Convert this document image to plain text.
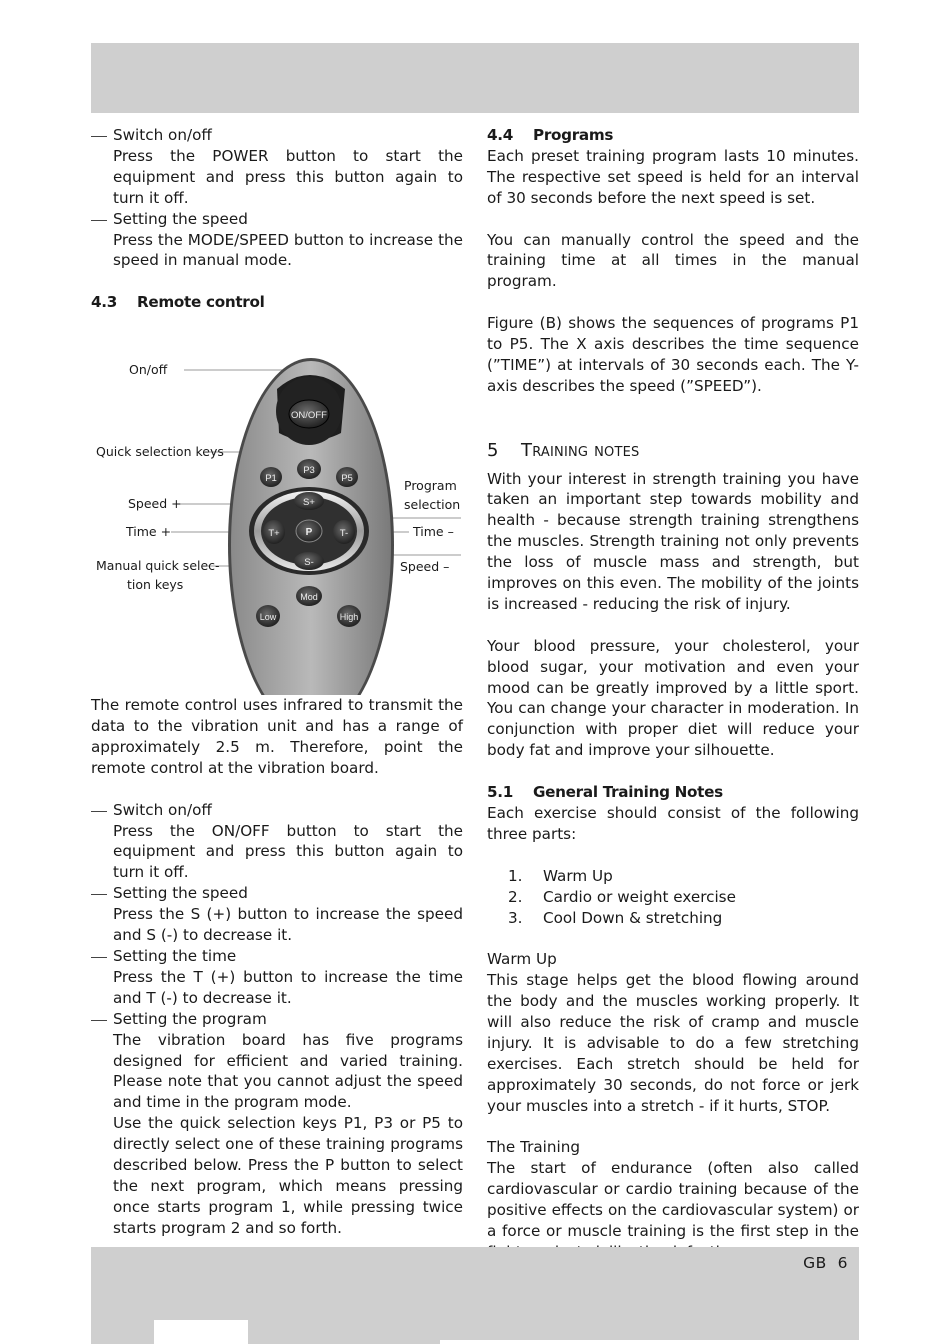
Switch on/off

Press the POWER button to start the equipment and press this button again to turn it off.

Setting the speed

Press the MODE/SPEED button to increase the speed in manual mode.

4.3 Remote control
ON/OFF
P1
P3
P5
S+
T+	P	T-
S-
Mod
Low	High
On/off
Quick selection keys
Speed +
Time +
Manual quick selec-
tion keys
Program
selection
Time –
Speed –

The remote control uses infrared to transmit the data to the vibration unit and has a range of approximately 2.5 m. Therefore, point the remote control at the vibration board.

Switch on/off

Press the ON/OFF button to start the equipment and press this button again to turn it off.

Setting the speed

Press the S (+) button to increase the speed and S (-) to decrease it.

Setting the time

Press the T (+) button to increase the time and T (-) to decrease it.

Setting the program

The vibration board has five programs designed for efficient and varied training. Please note that you cannot adjust the speed and time in the program mode.

Use the quick selection keys P1, P3 or P5 to directly select one of these training programs described below. Press the P button to select the next program, which means pressing once starts program 1, while pressing twice starts program 2 and so forth.

4.4 Programs

Each preset training program lasts 10 minutes. The respective set speed is held for an interval of 30 seconds before the next speed is set.

You can manually control the speed and the training time at all times in the manual program.

Figure (B) shows the sequences of programs P1 to P5. The X axis describes the time sequence (”TIME”) at intervals of 30 seconds each. The Y-axis describes the speed (”SPEED”).

5 Training notes

With your interest in strength training you have taken an important step towards mobility and health - because strength training strengthens the muscles. Strength training not only prevents the loss of muscle mass and strength, but improves on this even. The mobility of the joints is increased - reducing the risk of injury.

Your blood pressure, your cholesterol, your blood sugar, your motivation and even your mood can be greatly improved by a little sport. You can change your character in moderation. In conjunction with proper diet will reduce your body fat and improve your silhouette.

5.1 General Training Notes

Each exercise should consist of the following three parts:

1. Warm Up
2. Cardio or weight exercise
3. Cool Down & stretching

Warm Up

This stage helps get the blood flowing around the body and the muscles working properly. It will also reduce the risk of cramp and muscle injury. It is advisable to do a few stretching exercises. Each stretch should be held for approximately 30 seconds, do not force or jerk your muscles into a stretch - if it hurts, STOP.

The Training

The start of endurance (often also called cardiovascular or cardio training because of the positive effects on the cardiovascular system) or a force or muscle training is the first step in the

GB 6
